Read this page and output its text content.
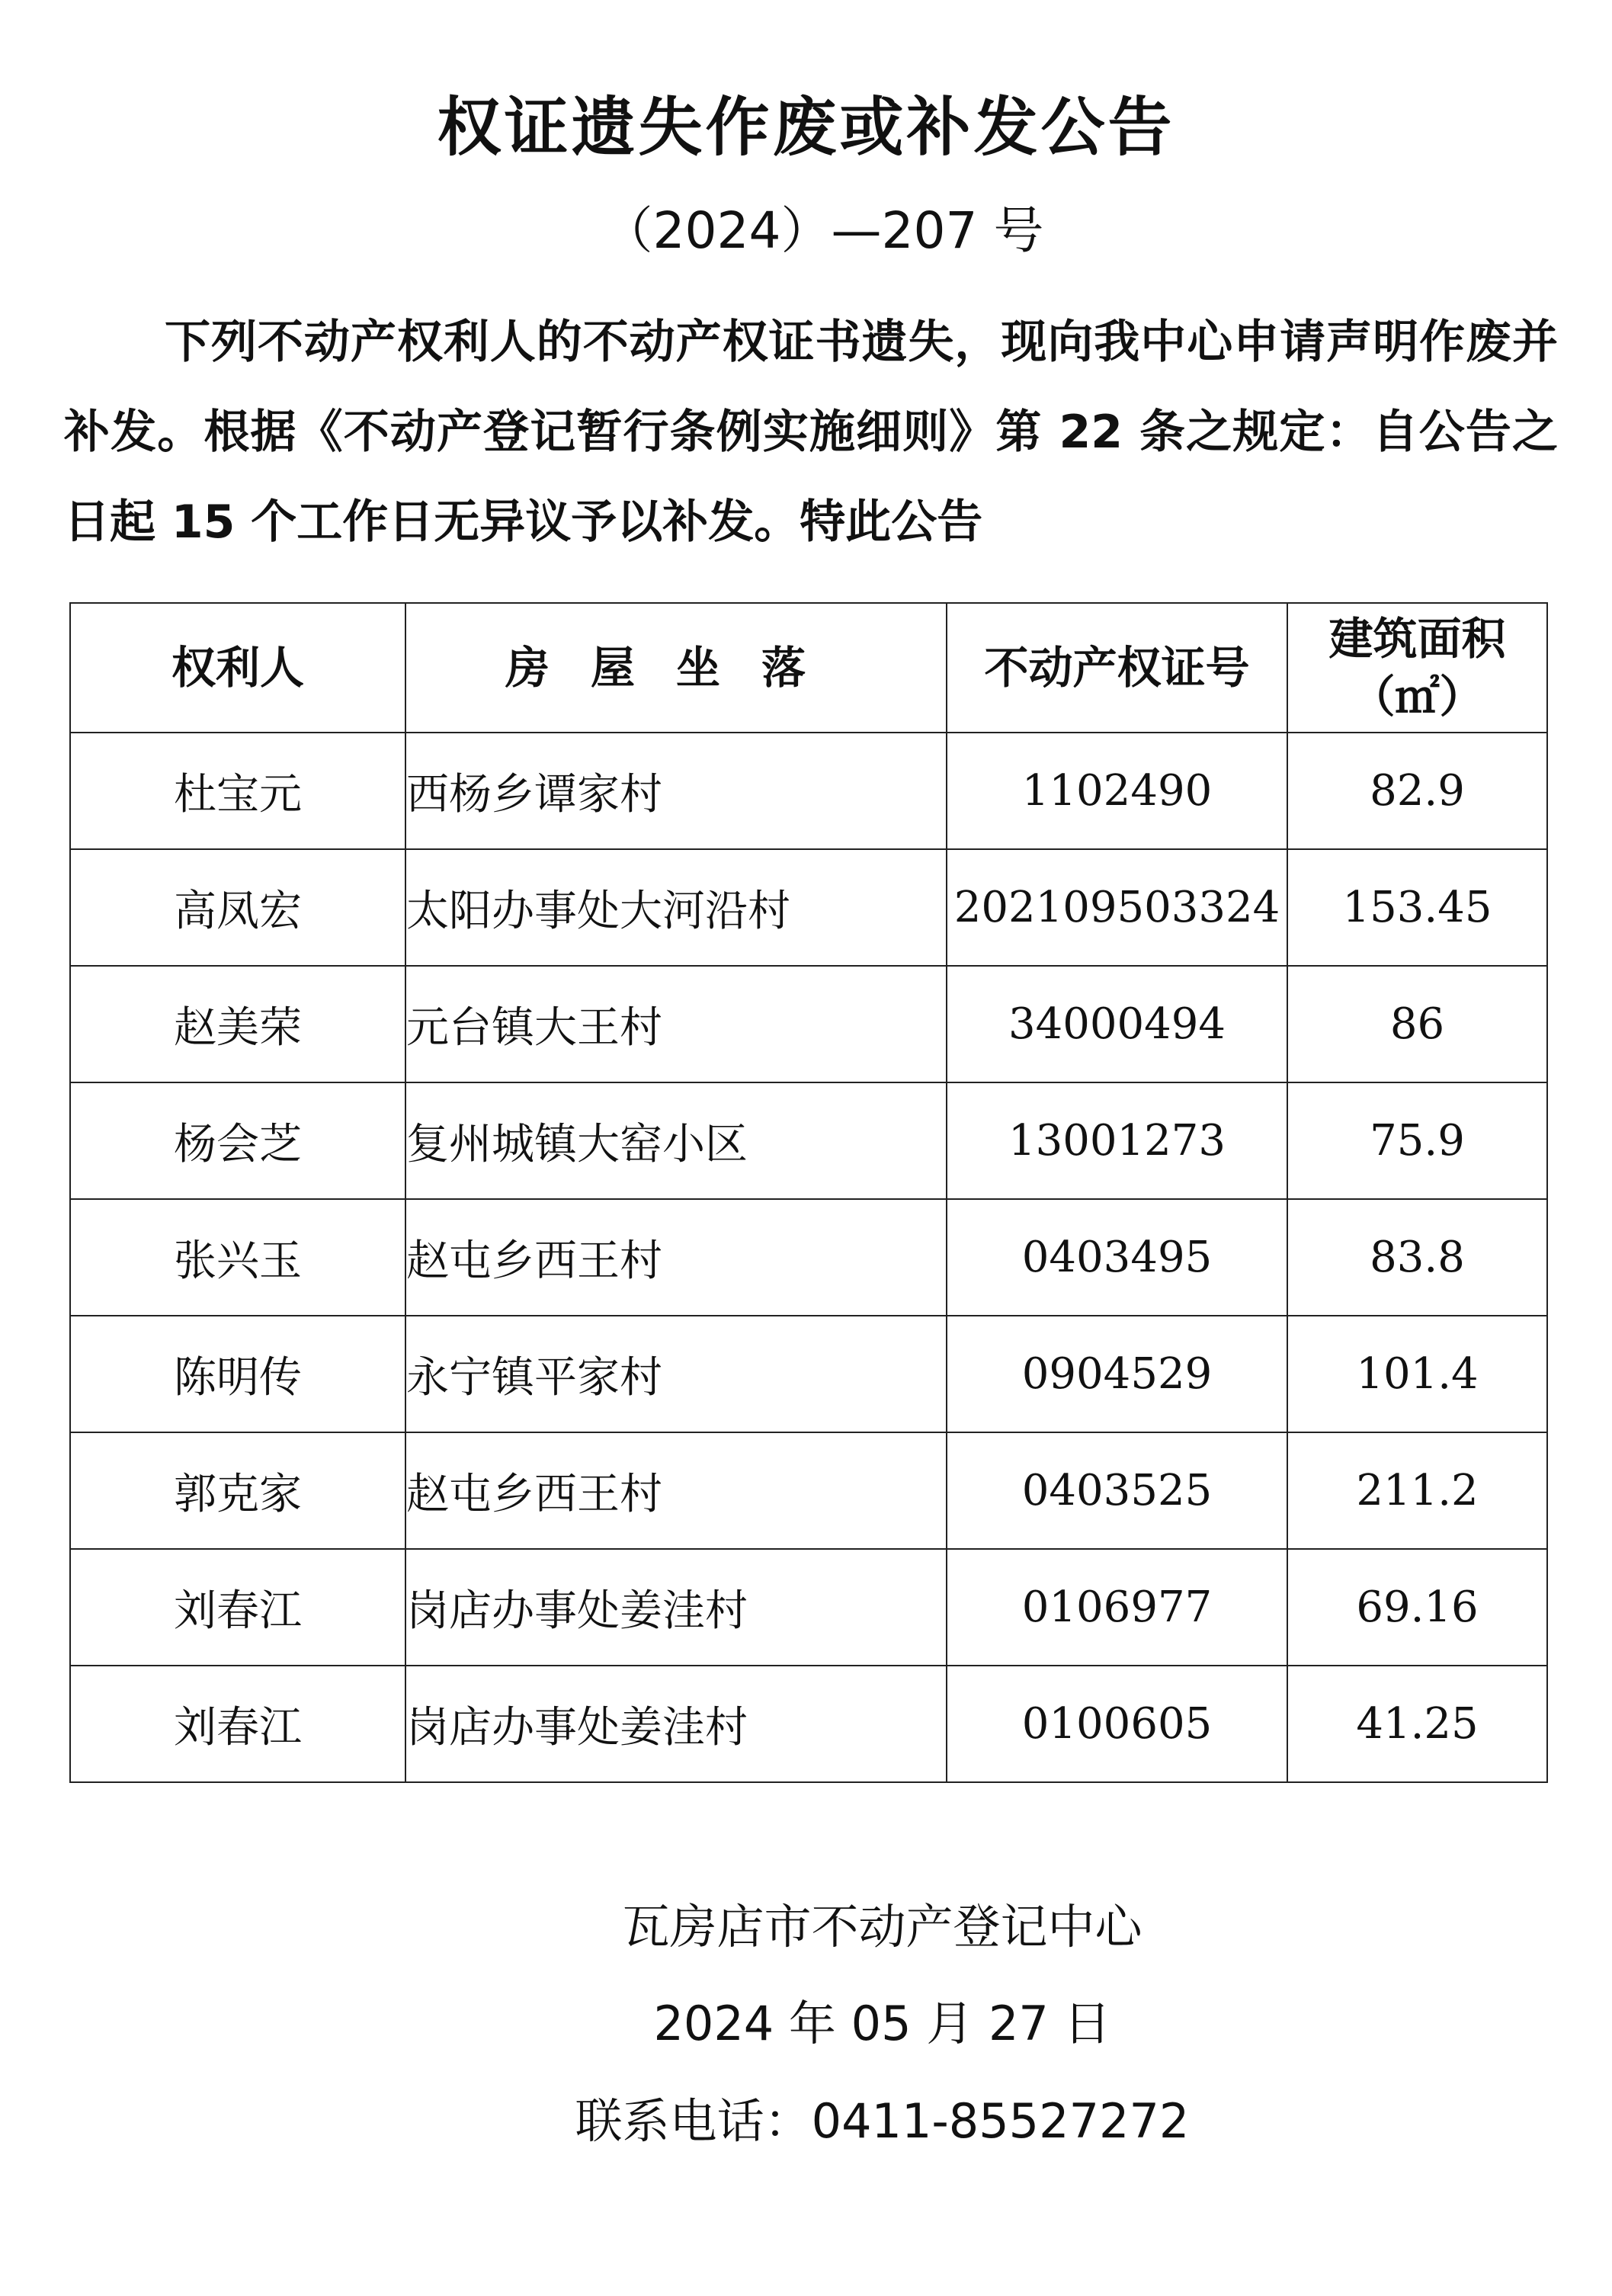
权证遗失作废或补发公告
（2024）—207 号

下列不动产权利人的不动产权证书遗失，现向我中心申请声明作废并补发。根据《不动产登记暂行条例实施细则》第 22 条之规定：自公告之日起 15 个工作日无异议予以补发。特此公告

权利人	房屋坐落	不动产权证号	建筑面积
（㎡）

杜宝元	西杨乡谭家村	1102490	82.9
高凤宏	太阳办事处大河沿村	202109503324	153.45
赵美荣	元台镇大王村	34000494	86
杨会芝	复州城镇大窑小区	13001273	75.9
张兴玉	赵屯乡西王村	0403495	83.8
陈明传	永宁镇平家村	0904529	101.4
郭克家	赵屯乡西王村	0403525	211.2
刘春江	岗店办事处姜洼村	0106977	69.16
刘春江	岗店办事处姜洼村	0100605	41.25
瓦房店市不动产登记中心
2024 年 05 月 27 日
联系电话：0411-85527272
